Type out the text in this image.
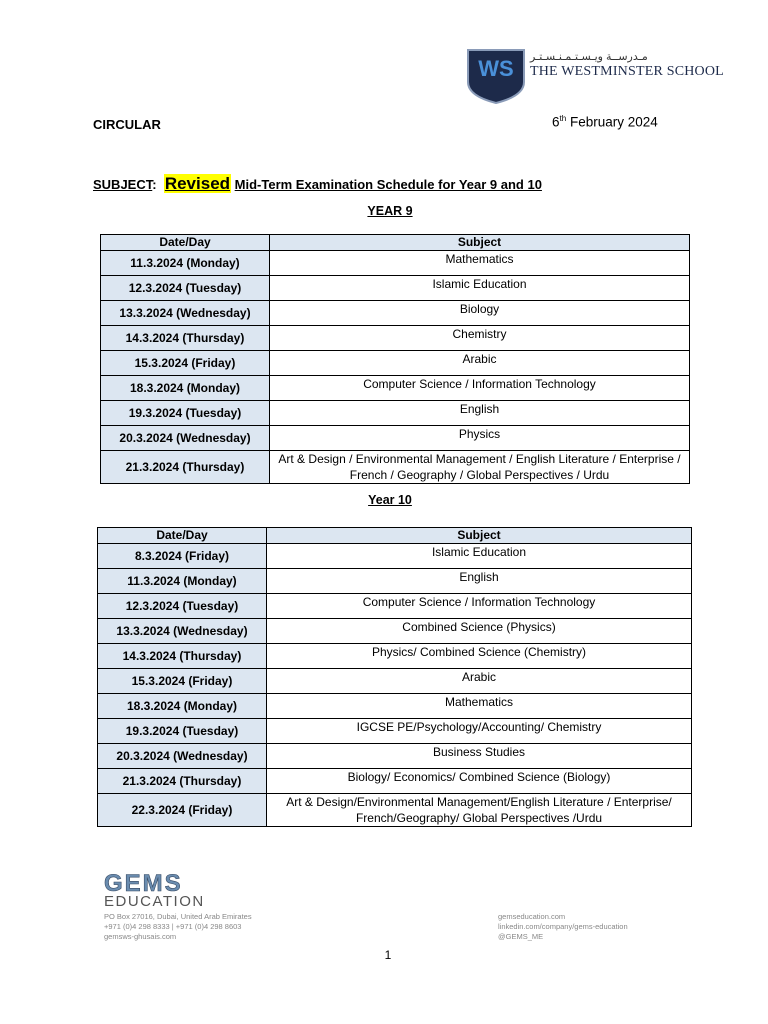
WS مـدرســة ويـسـتـمـنـسـتـر
THE WESTMINSTER SCHOOL
CIRCULAR	6th February 2024
SUBJECT: Revised Mid-Term Examination Schedule for Year 9 and 10
YEAR 9
Date/Day	Subject
11.3.2024 (Monday)	Mathematics
12.3.2024 (Tuesday)	Islamic Education
13.3.2024 (Wednesday)	Biology
14.3.2024 (Thursday)	Chemistry
15.3.2024 (Friday)	Arabic
18.3.2024 (Monday)	Computer Science / Information Technology
19.3.2024 (Tuesday)	English
20.3.2024 (Wednesday)	Physics
21.3.2024 (Thursday)	Art & Design / Environmental Management / English Literature / Enterprise / French / Geography / Global Perspectives / Urdu
Year 10
Date/Day	Subject
8.3.2024 (Friday)	Islamic Education
11.3.2024 (Monday)	English
12.3.2024 (Tuesday)	Computer Science / Information Technology
13.3.2024 (Wednesday)	Combined Science (Physics)
14.3.2024 (Thursday)	Physics/ Combined Science (Chemistry)
15.3.2024 (Friday)	Arabic
18.3.2024 (Monday)	Mathematics
19.3.2024 (Tuesday)	IGCSE PE/Psychology/Accounting/ Chemistry
20.3.2024 (Wednesday)	Business Studies
21.3.2024 (Thursday)	Biology/ Economics/ Combined Science (Biology)
22.3.2024 (Friday)	Art & Design/Environmental Management/English Literature / Enterprise/ French/Geography/ Global Perspectives /Urdu
GEMS
EDUCATION
PO Box 27016, Dubai, United Arab Emirates
+971 (0)4 298 8333 | +971 (0)4 298 8603
gemsws-ghusais.com
gemseducation.com
linkedin.com/company/gems-education
@GEMS_ME
1
